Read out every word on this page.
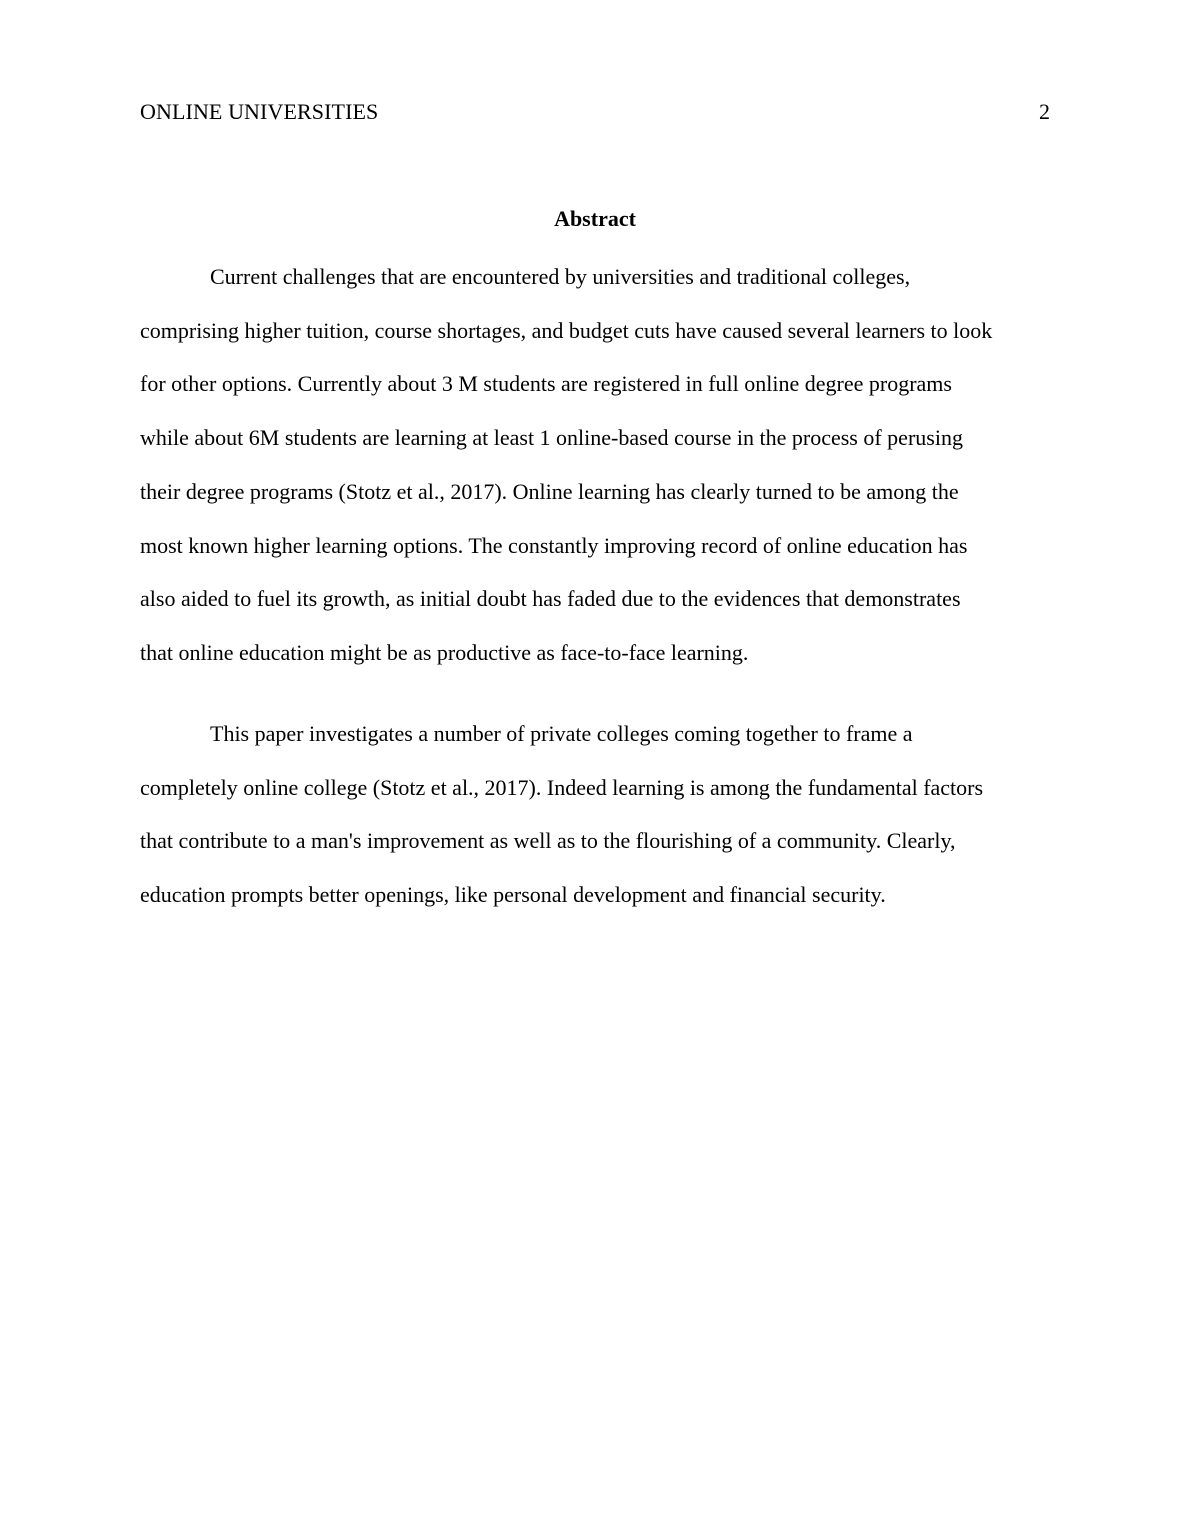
ONLINE UNIVERSITIES	2
Abstract

Current challenges that are encountered by universities and traditional colleges,
comprising higher tuition, course shortages, and budget cuts have caused several learners to look
for other options. Currently about 3 M students are registered in full online degree programs
while about 6M students are learning at least 1 online-based course in the process of perusing
their degree programs (Stotz et al., 2017). Online learning has clearly turned to be among the
most known higher learning options. The constantly improving record of online education has
also aided to fuel its growth, as initial doubt has faded due to the evidences that demonstrates
that online education might be as productive as face-to-face learning.

This paper investigates a number of private colleges coming together to frame a
completely online college (Stotz et al., 2017). Indeed learning is among the fundamental factors
that contribute to a man's improvement as well as to the flourishing of a community. Clearly,
education prompts better openings, like personal development and financial security.
